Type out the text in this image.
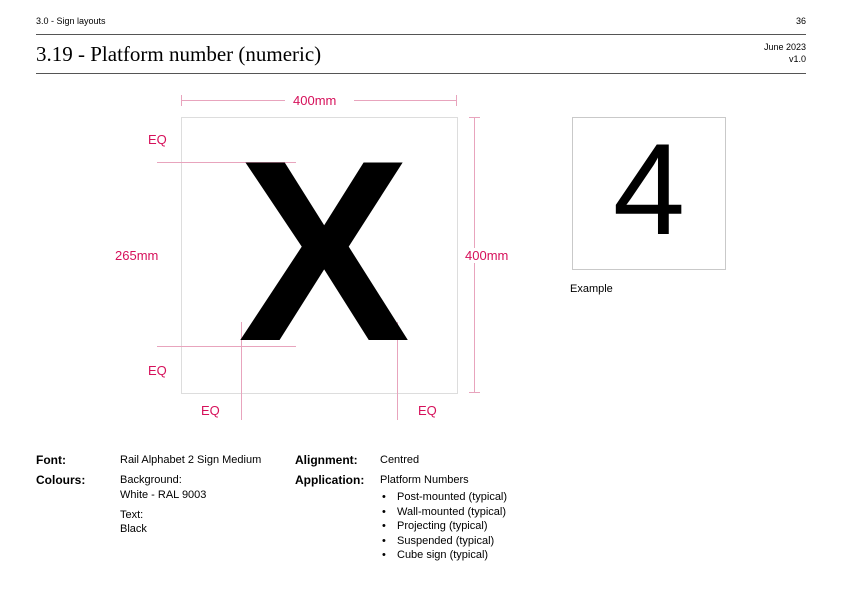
3.0 - Sign layouts	36
3.19 - Platform number (numeric)	June 2023
v1.0
400mm
400mm
X
EQ
265mm
EQ
EQ	EQ
4
Example
Font:	Rail Alphabet 2 Sign Medium
Colours:	Background:
White - RAL 9003
Text:
Black
Alignment: Centred
Application: Platform Numbers
• Post-mounted (typical)
• Wall-mounted (typical)
• Projecting (typical)
• Suspended (typical)
• Cube sign (typical)
